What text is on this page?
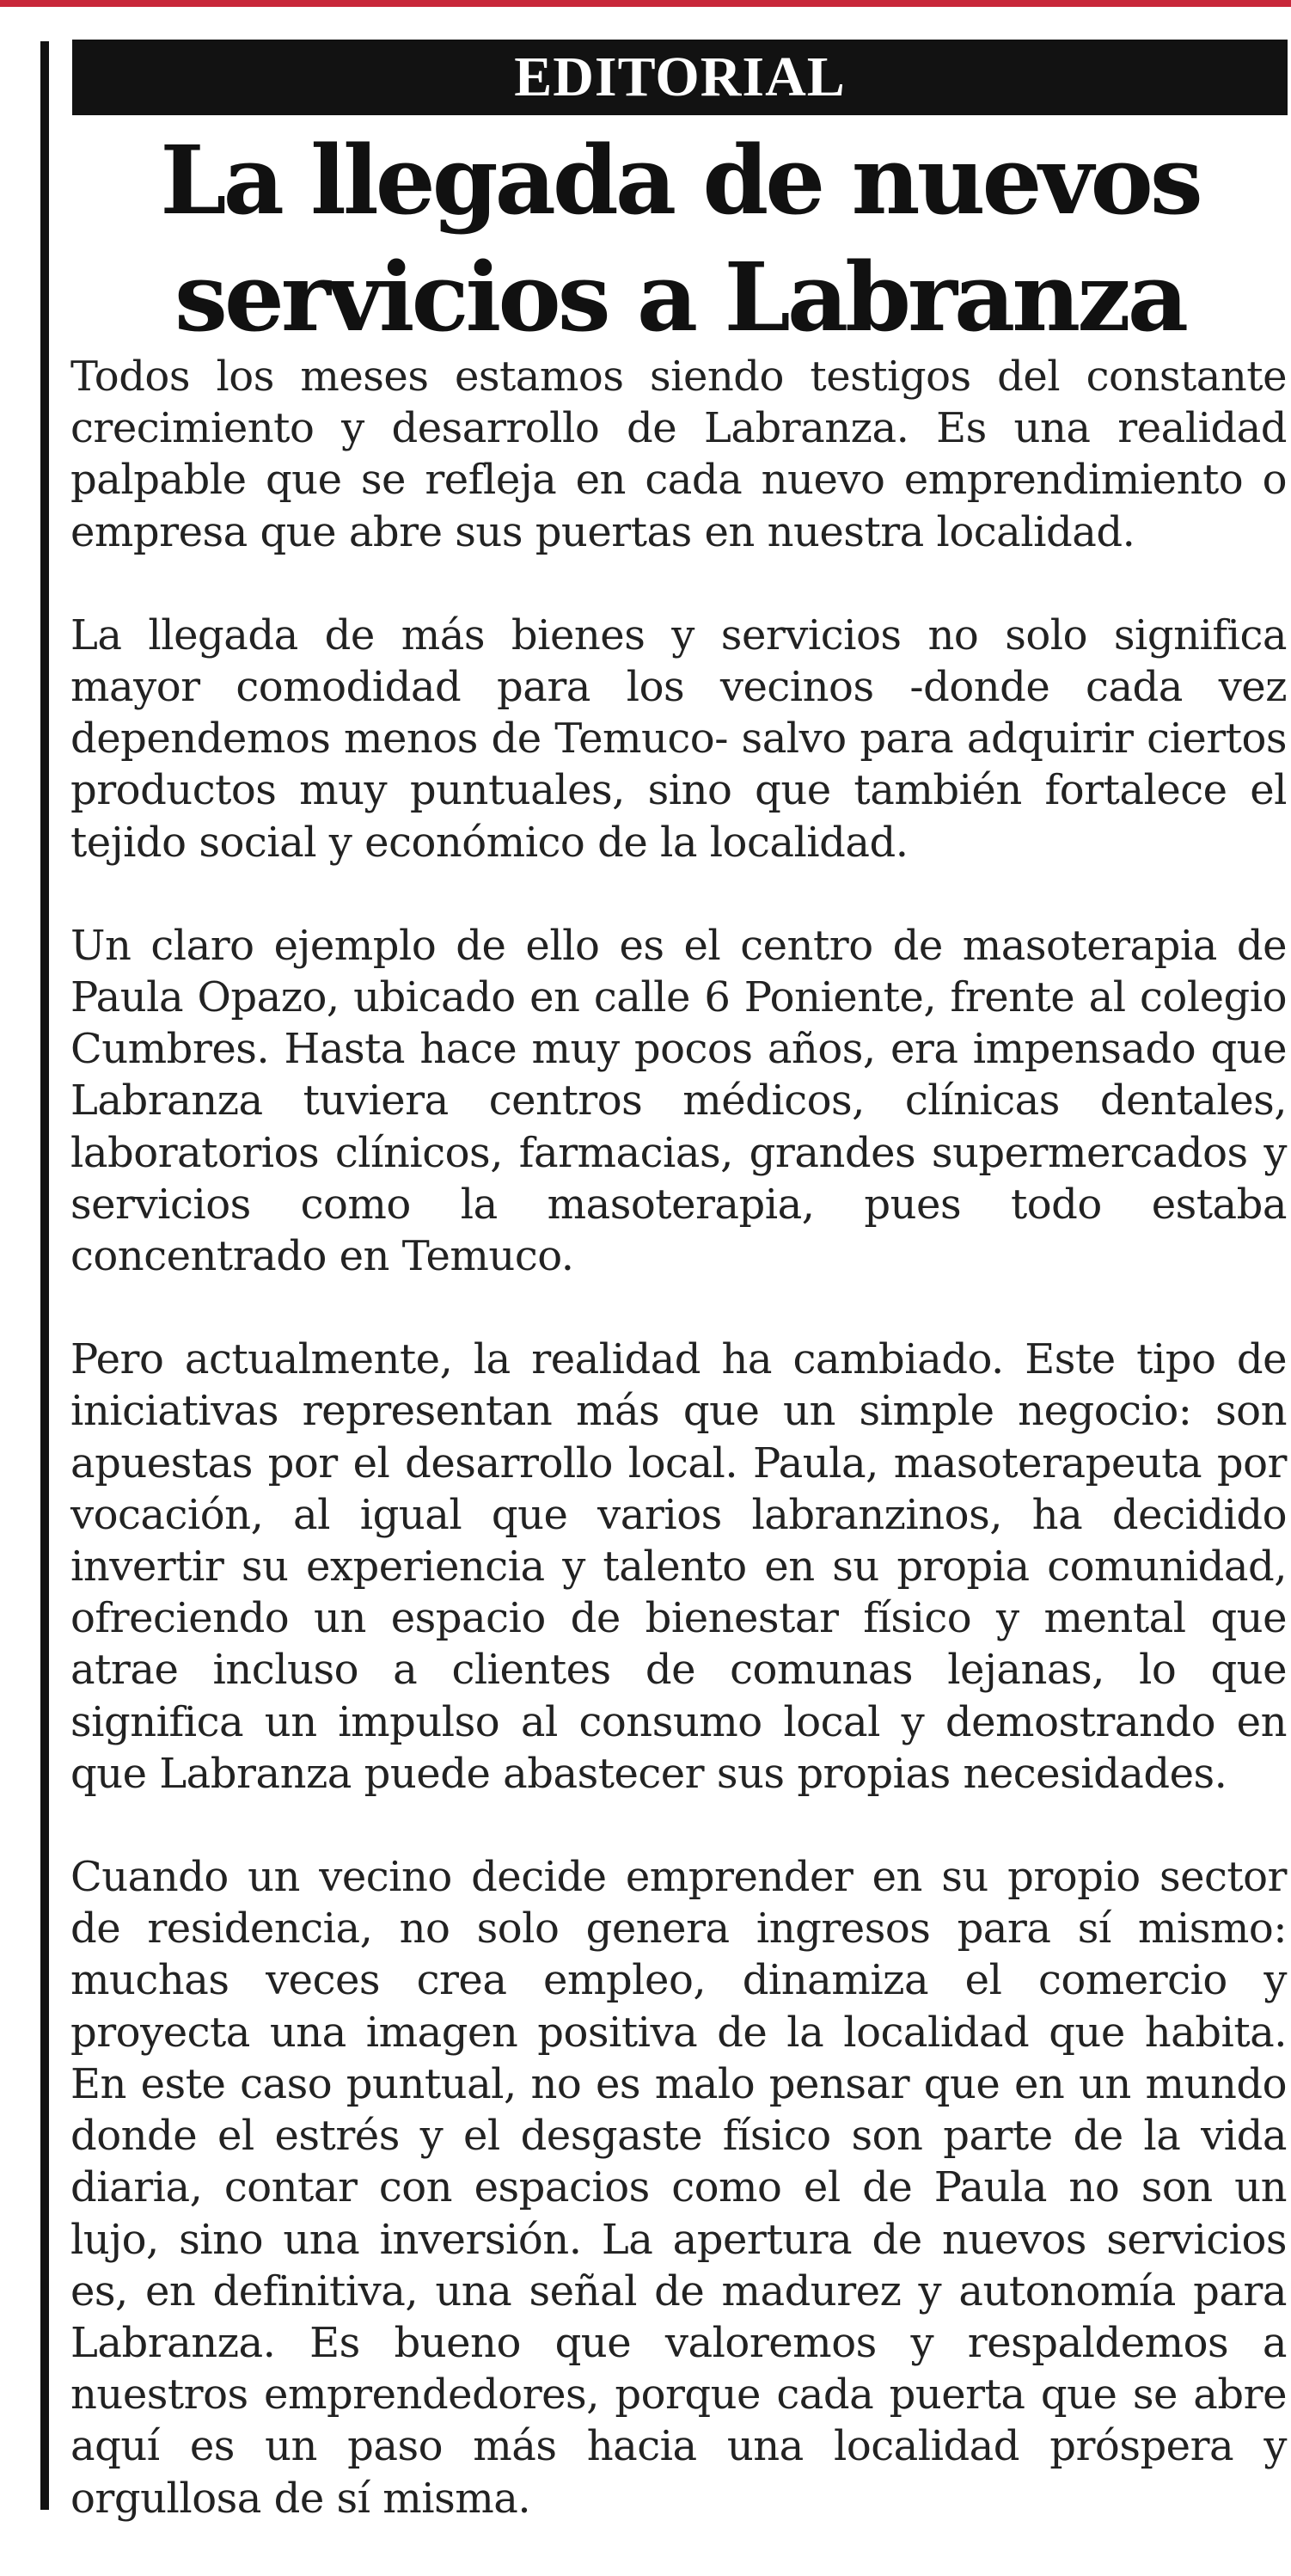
EDITORIAL
La llegada de nuevos servicios a Labranza

Todos los meses estamos siendo testigos del constante crecimiento y desarrollo de Labranza. Es una realidad palpable que se refleja en cada nuevo emprendimiento o empresa que abre sus puertas en nuestra localidad.

La llegada de más bienes y servicios no solo significa mayor comodidad para los vecinos -donde cada vez dependemos menos de Temuco- salvo para adquirir ciertos productos muy puntuales, sino que también fortalece el tejido social y económico de la localidad.

Un claro ejemplo de ello es el centro de masoterapia de Paula Opazo, ubicado en calle 6 Poniente, frente al colegio Cumbres. Hasta hace muy pocos años, era impensado que Labranza tuviera centros médicos, clínicas dentales, laboratorios clínicos, farmacias, grandes supermercados y servicios como la masoterapia, pues todo estaba concentrado en Temuco.

Pero actualmente, la realidad ha cambiado. Este tipo de iniciativas representan más que un simple negocio: son apuestas por el desarrollo local. Paula, masoterapeuta por vocación, al igual que varios labranzinos, ha decidido invertir su experiencia y talento en su propia comunidad, ofreciendo un espacio de bienestar físico y mental que atrae incluso a clientes de comunas lejanas, lo que significa un impulso al consumo local y demostrando en que Labranza puede abastecer sus propias necesidades.

Cuando un vecino decide emprender en su propio sector de residencia, no solo genera ingresos para sí mismo: muchas veces crea empleo, dinamiza el comercio y proyecta una imagen positiva de la localidad que habita. En este caso puntual, no es malo pensar que en un mundo donde el estrés y el desgaste físico son parte de la vida diaria, contar con espacios como el de Paula no son un lujo, sino una inversión. La apertura de nuevos servicios es, en definitiva, una señal de madurez y autonomía para Labranza. Es bueno que valoremos y respaldemos a nuestros emprendedores, porque cada puerta que se abre aquí es un paso más hacia una localidad próspera y orgullosa de sí misma.
